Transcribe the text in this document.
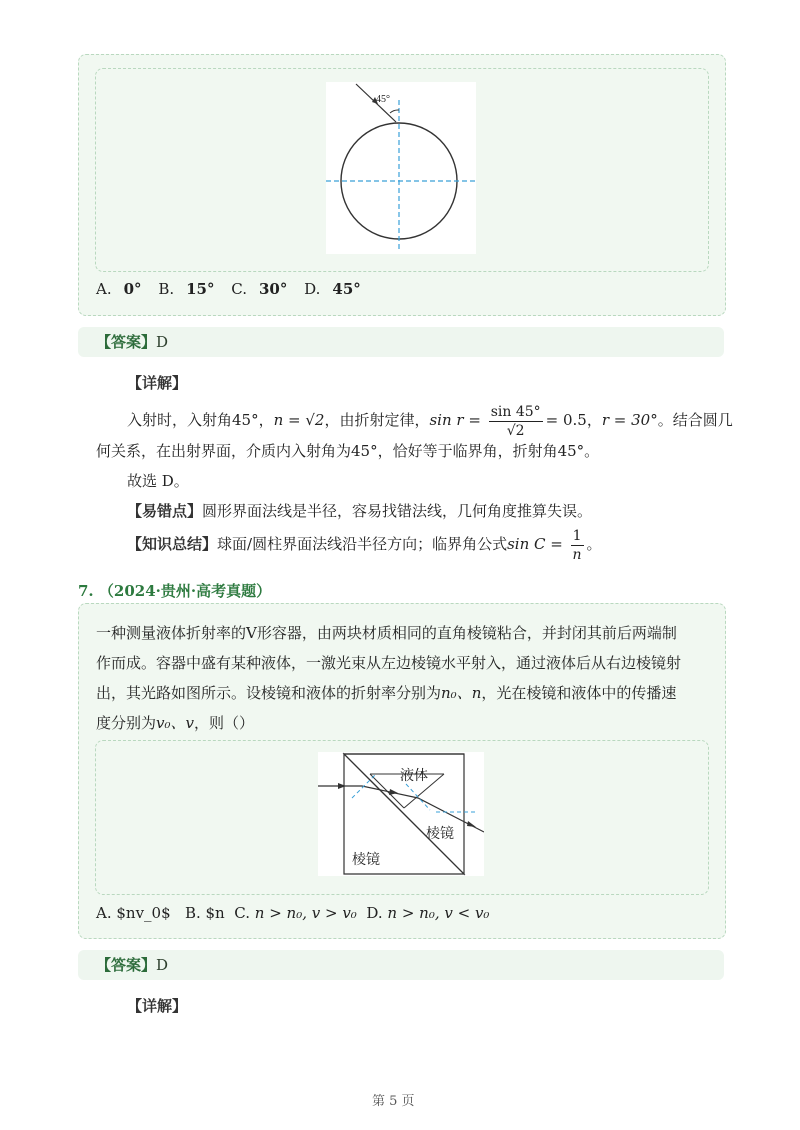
45°
A. 0° B. 15° C. 30° D. 45°
【答案】D
【详解】
入射时，入射角45°，n = √2，由折射定律，$\sin r = \frac{\sin 45^\circ}{√2} = 0.5$，r = 30°。结合圆几
何关系，在出射界面，介质内入射角为45°，恰好等于临界角，折射角45°。
故选 D。
【易错点】圆形界面法线是半径，容易找错法线，几何角度推算失误。
【知识总结】球面/圆柱界面法线沿半径方向；临界角公式$\sin C = \frac{1}{n}$ 。
7. （2024·贵州·高考真题）
一种测量液体折射率的V形容器，由两块材质相同的直角棱镜粘合，并封闭其前后两端制
作而成。容器中盛有某种液体，一激光束从左边棱镜水平射入，通过液体后从右边棱镜射
出，其光路如图所示。设棱镜和液体的折射率分别为n₀、n，光在棱镜和液体中的传播速
度分别为v₀、v，则（）
液体
棱镜
棱镜
A. $nv_0$ B. $n C. n > n₀, v > v₀ D. n > n₀, v < v₀
【答案】D
【详解】
第 5 页
